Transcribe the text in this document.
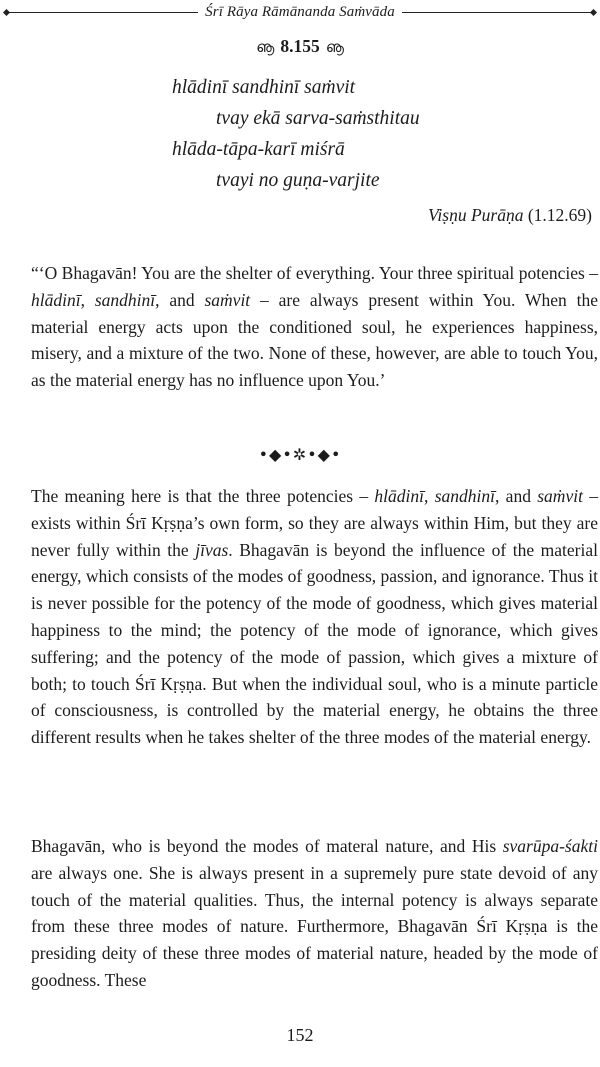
Śrī Rāya Rāmānanda Saṁvāda
ൡ 8.155 ൡ
hlādinī sandhinī saṁvit
tvay ekā sarva-saṁsthitau
hlāda-tāpa-karī miśrā
tvayi no guṇa-varjite
Viṣṇu Purāṇa (1.12.69)

“‘O Bhagavān! You are the shelter of everything. Your three spiritual potencies – hlādinī, sandhinī, and saṁvit – are always present within You. When the material energy acts upon the conditioned soul, he experiences happiness, misery, and a mixture of the two. None of these, however, are able to touch You, as the material energy has no influence upon You.’

•◆•✲•◆•

The meaning here is that the three potencies – hlādinī, sandhinī, and saṁvit – exists within Śrī Kṛṣṇa’s own form, so they are always within Him, but they are never fully within the jīvas. Bhagavān is beyond the influence of the material energy, which consists of the modes of goodness, passion, and ignorance. Thus it is never possible for the potency of the mode of goodness, which gives material happiness to the mind; the potency of the mode of ignorance, which gives suffering; and the potency of the mode of passion, which gives a mixture of both; to touch Śrī Kṛṣṇa. But when the individual soul, who is a minute particle of consciousness, is controlled by the material energy, he obtains the three different results when he takes shelter of the three modes of the material energy.

Bhagavān, who is beyond the modes of materal nature, and His svarūpa-śakti are always one. She is always present in a supremely pure state devoid of any touch of the material qualities. Thus, the internal potency is always separate from these three modes of nature. Furthermore, Bhagavān Śrī Kṛṣṇa is the presiding deity of these three modes of material nature, headed by the mode of goodness. These

152
